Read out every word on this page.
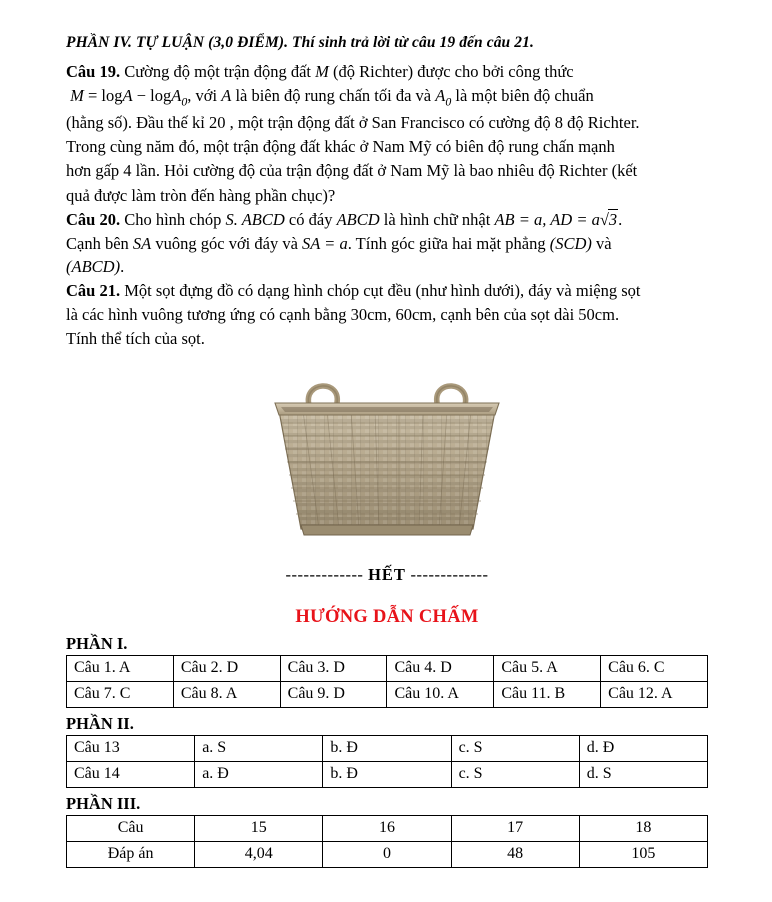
PHẦN IV. TỰ LUẬN (3,0 ĐIỂM). Thí sinh trả lời từ câu 19 đến câu 21.
Câu 19. Cường độ một trận động đất M (độ Richter) được cho bởi công thức
M = logA − logA$_0$, với A là biên độ rung chấn tối đa và $A_0$ là một biên độ chuẩn
(hằng số). Đầu thế kỉ 20 , một trận động đất ở San Francisco có cường độ 8 độ Richter.
Trong cùng năm đó, một trận động đất khác ở Nam Mỹ có biên độ rung chấn mạnh
hơn gấp 4 lần. Hỏi cường độ của trận động đất ở Nam Mỹ là bao nhiêu độ Richter (kết
quả được làm tròn đến hàng phần chục)?
Câu 20. Cho hình chóp S. ABCD có đáy ABCD là hình chữ nhật AB = a, AD = a√3.
Cạnh bên SA vuông góc với đáy và SA = a. Tính góc giữa hai mặt phẳng (SCD) và
(ABCD).
Câu 21. Một sọt đựng đồ có dạng hình chóp cụt đều (như hình dưới), đáy và miệng sọt
là các hình vuông tương ứng có cạnh bằng 30cm, 60cm, cạnh bên của sọt dài 50cm.
Tính thể tích của sọt.
------------- HẾT -------------
HƯỚNG DẪN CHẤM
PHẦN I.
Câu 1. A	Câu 2. D	Câu 3. D	Câu 4. D	Câu 5. A	Câu 6. C
Câu 7. C	Câu 8. A	Câu 9. D	Câu 10. A	Câu 11. B	Câu 12. A
PHẦN II.
Câu 13	a. S	b. Đ	c. S	d. Đ
Câu 14	a. Đ	b. Đ	c. S	d. S
PHẦN III.
Câu	15	16	17	18
Đáp án	4,04	0	48	105
